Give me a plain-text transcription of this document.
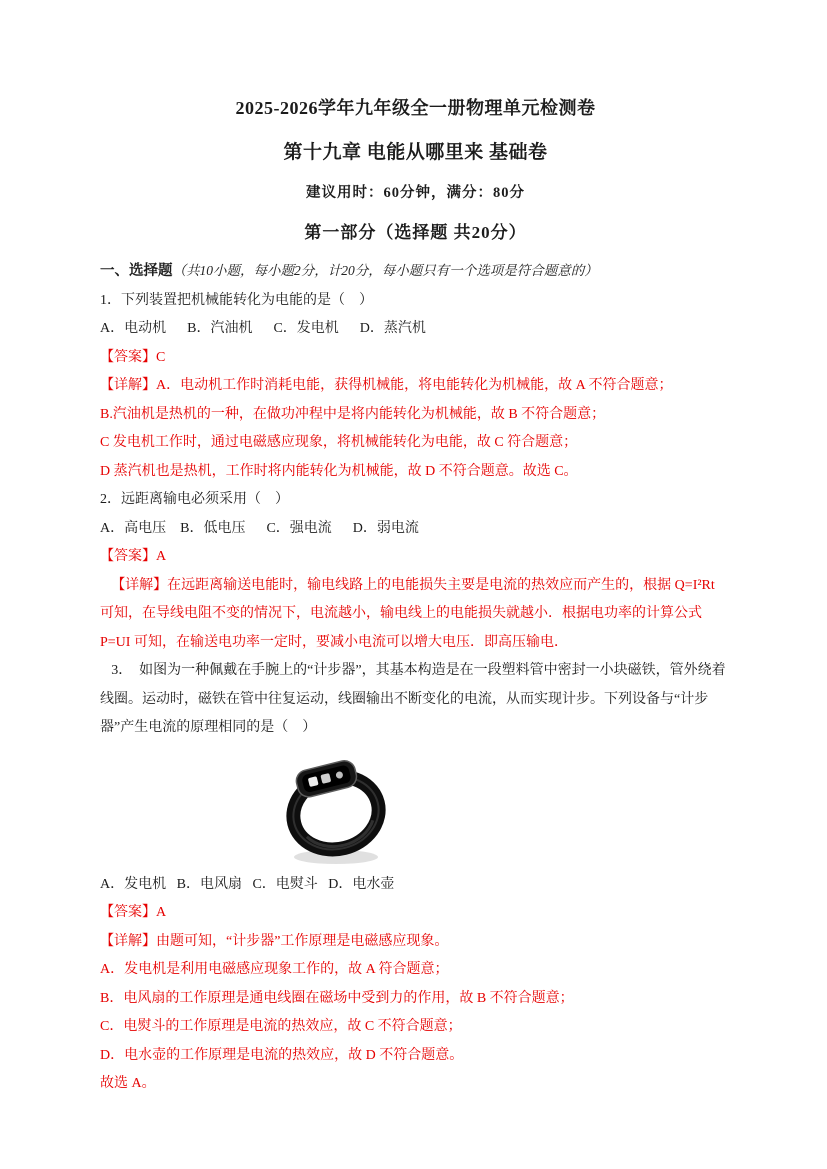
2025-2026学年九年级全一册物理单元检测卷
第十九章 电能从哪里来 基础卷
建议用时：60分钟，满分：80分
第一部分（选择题 共20分）

一、选择题（共10小题，每小题2分，计20分，每小题只有一个选项是符合题意的）

1．下列装置把机械能转化为电能的是（    ）

A．电动机      B．汽油机      C．发电机      D．蒸汽机

【答案】C

【详解】A．电动机工作时消耗电能，获得机械能，将电能转化为机械能，故 A 不符合题意；

B.汽油机是热机的一种，在做功冲程中是将内能转化为机械能，故 B 不符合题意；

C 发电机工作时，通过电磁感应现象，将机械能转化为电能，故 C 符合题意；

D 蒸汽机也是热机，工作时将内能转化为机械能，故 D 不符合题意。故选 C。

2．远距离输电必须采用（    ）

A．高电压    B．低电压      C．强电流      D．弱电流

【答案】A

【详解】在远距离输送电能时，输电线路上的电能损失主要是电流的热效应而产生的，根据 Q=I²Rt 可知，在导线电阻不变的情况下，电流越小，输电线上的电能损失就越小．根据电功率的计算公式 P=UI 可知，在输送电功率一定时，要减小电流可以增大电压．即高压输电．

3．  如图为一种佩戴在手腕上的“计步器”，其基本构造是在一段塑料管中密封一小块磁铁，管外绕着线圈。运动时，磁铁在管中往复运动，线圈输出不断变化的电流，从而实现计步。下列设备与“计步器”产生电流的原理相同的是（    ）

A．发电机   B．电风扇   C．电熨斗   D．电水壶

【答案】A

【详解】由题可知，“计步器”工作原理是电磁感应现象。

A．发电机是利用电磁感应现象工作的，故 A 符合题意；

B．电风扇的工作原理是通电线圈在磁场中受到力的作用，故 B 不符合题意；

C．电熨斗的工作原理是电流的热效应，故 C 不符合题意；

D．电水壶的工作原理是电流的热效应，故 D 不符合题意。

故选 A。
